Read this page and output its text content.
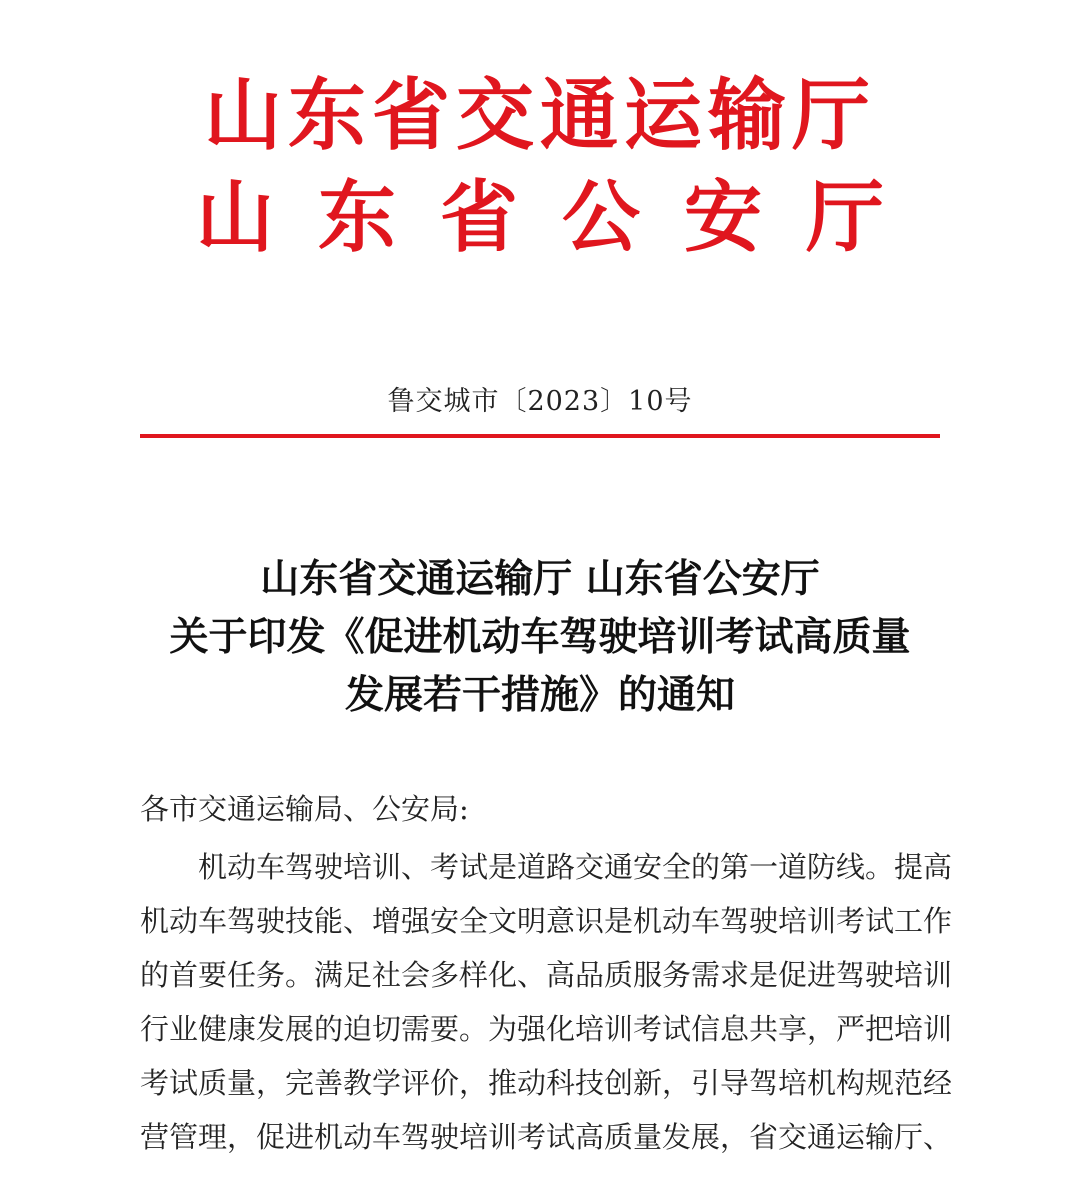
山东省交通运输厅
山东省公安厅
鲁交城市〔2023〕10号
山东省交通运输厅 山东省公安厅
关于印发《促进机动车驾驶培训考试高质量
发展若干措施》的通知
各市交通运输局、公安局:
机动车驾驶培训、考试是道路交通安全的第一道防线。提高
机动车驾驶技能、增强安全文明意识是机动车驾驶培训考试工作
的首要任务。满足社会多样化、高品质服务需求是促进驾驶培训
行业健康发展的迫切需要。为强化培训考试信息共享，严把培训
考试质量，完善教学评价，推动科技创新，引导驾培机构规范经
营管理，促进机动车驾驶培训考试高质量发展，省交通运输厅、
